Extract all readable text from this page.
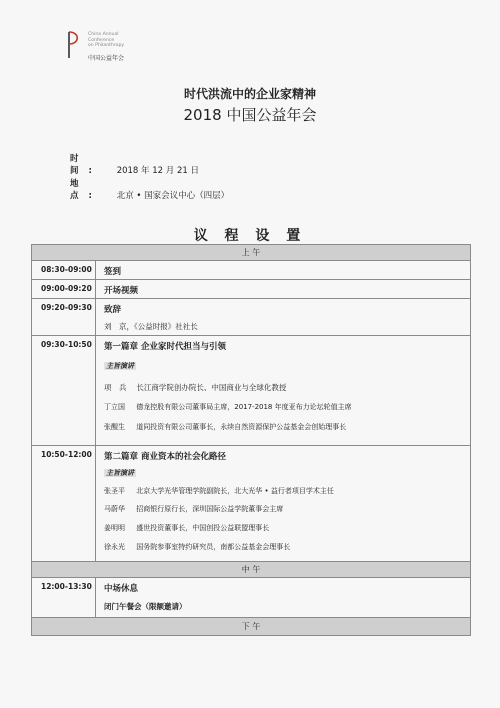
China Annual
Conference
on Philanthropy
中国公益年会
时代洪流中的企业家精神
2018 中国公益年会
时 间: 2018 年 12 月 21 日
地 点: 北京 • 国家会议中心（四层）
议 程 设 置
上 午
08:30-09:00	签到
09:00-09:20	开场视频
09:20-09:30	致辞
刘　京，《公益时报》社社长
09:30-10:50	第一篇章 企业家时代担当与引领
主旨演讲
项　兵 长江商学院创办院长、中国商业与全球化教授
丁立国 德龙控股有限公司董事局主席，2017-2018 年度亚布力论坛轮值主席
张醒生 道同投资有限公司董事长，永续自然资源保护公益基金会创始理事长
10:50-12:00	第二篇章 商业资本的社会化路径
主旨演讲
张圣平 北京大学光华管理学院副院长，北大光华 • 益行者项目学术主任
马蔚华 招商银行原行长，深圳国际公益学院董事会主席
姜明明 盛世投资董事长，中国创投公益联盟理事长
徐永光 国务院参事室特约研究员，南都公益基金会理事长
中 午
12:00-13:30	中场休息
闭门午餐会（限额邀请）
下 午
